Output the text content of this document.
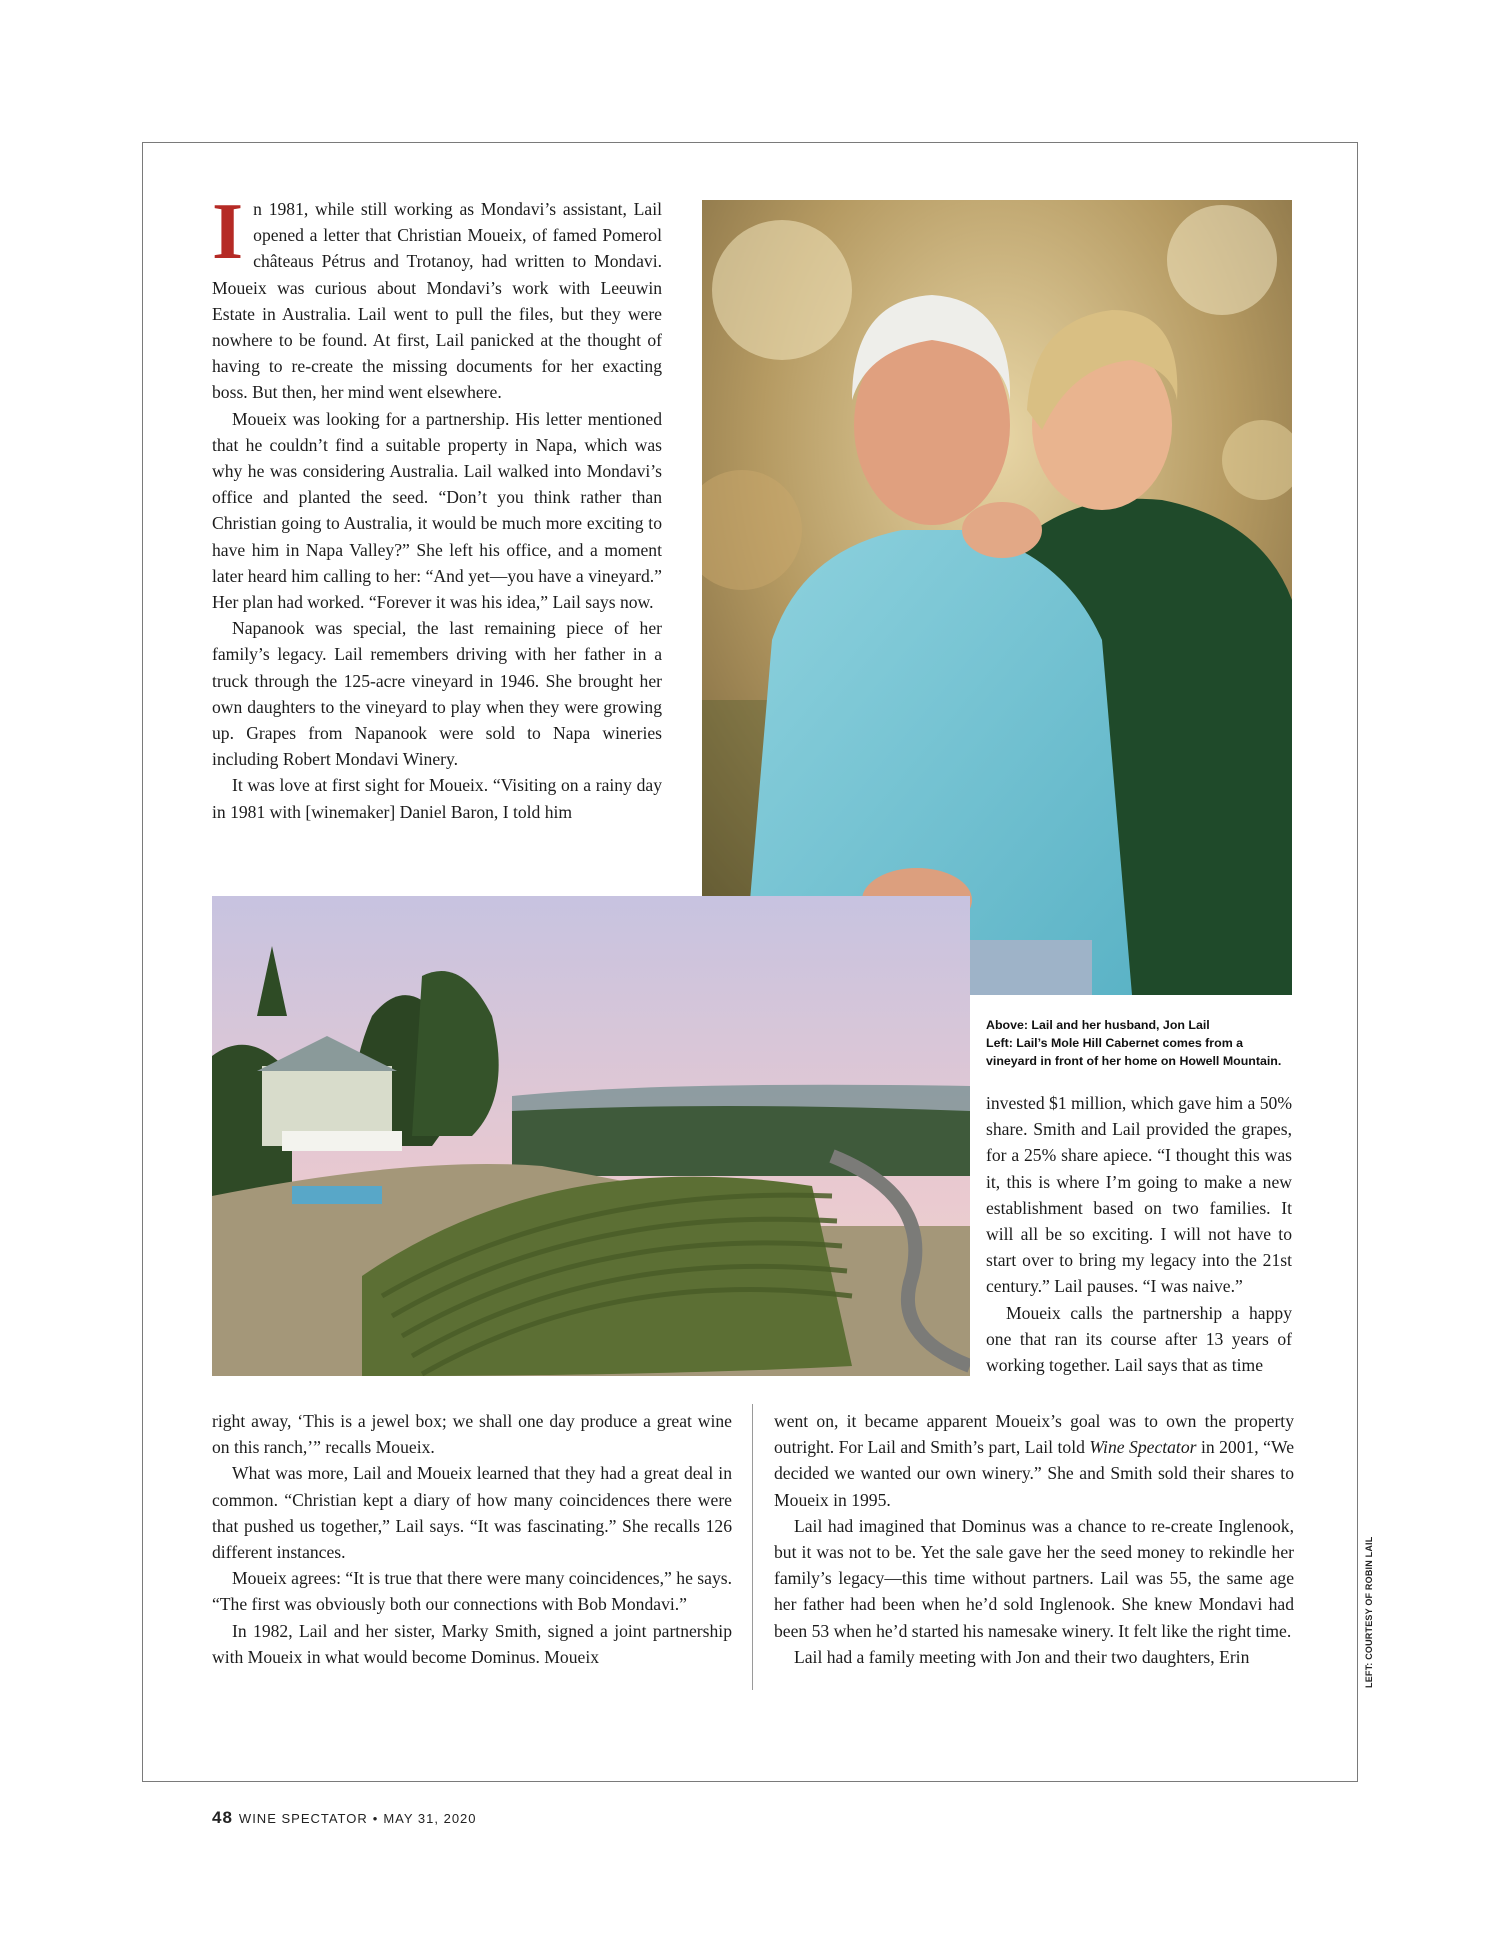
In 1981, while still working as Mondavi’s assistant, Lail opened a letter that Christian Moueix, of famed Pomerol châteaus Pétrus and Trotanoy, had written to Mondavi. Moueix was curious about Mondavi’s work with Leeuwin Estate in Australia. Lail went to pull the files, but they were nowhere to be found. At first, Lail panicked at the thought of having to re-create the missing documents for her exacting boss. But then, her mind went elsewhere.

Moueix was looking for a partnership. His letter mentioned that he couldn’t find a suitable property in Napa, which was why he was considering Australia. Lail walked into Mondavi’s office and planted the seed. “Don’t you think rather than Christian going to Australia, it would be much more exciting to have him in Napa Valley?” She left his office, and a moment later heard him calling to her: “And yet—you have a vineyard.” Her plan had worked. “Forever it was his idea,” Lail says now.

Napanook was special, the last remaining piece of her family’s legacy. Lail remembers driving with her father in a truck through the 125-acre vineyard in 1946. She brought her own daughters to the vineyard to play when they were growing up. Grapes from Napanook were sold to Napa wineries including Robert Mondavi Winery.

It was love at first sight for Moueix. “Visiting on a rainy day in 1981 with [winemaker] Daniel Baron, I told him

Above: Lail and her husband, Jon Lail
Left: Lail’s Mole Hill Cabernet comes from a
vineyard in front of her home on Howell Mountain.

invested $1 million, which gave him a 50% share. Smith and Lail provided the grapes, for a 25% share apiece. “I thought this was it, this is where I’m going to make a new establishment based on two families. It will all be so exciting. I will not have to start over to bring my legacy into the 21st century.” Lail pauses. “I was naive.”

Moueix calls the partnership a happy one that ran its course after 13 years of working together. Lail says that as time

right away, ‘This is a jewel box; we shall one day produce a great wine on this ranch,’” recalls Moueix.

What was more, Lail and Moueix learned that they had a great deal in common. “Christian kept a diary of how many coincidences there were that pushed us together,” Lail says. “It was fascinating.” She recalls 126 different instances.

Moueix agrees: “It is true that there were many coincidences,” he says. “The first was obviously both our connections with Bob Mondavi.”

In 1982, Lail and her sister, Marky Smith, signed a joint partnership with Moueix in what would become Dominus. Moueix

went on, it became apparent Moueix’s goal was to own the property outright. For Lail and Smith’s part, Lail told Wine Spectator in 2001, “We decided we wanted our own winery.” She and Smith sold their shares to Moueix in 1995.

Lail had imagined that Dominus was a chance to re-create Inglenook, but it was not to be. Yet the sale gave her the seed money to rekindle her family’s legacy—this time without partners. Lail was 55, the same age her father had been when he’d sold Inglenook. She knew Mondavi had been 53 when he’d started his namesake winery. It felt like the right time.

Lail had a family meeting with Jon and their two daughters, Erin	LEFT: COURTESY OF ROBIN LAIL
48 WINE SPECTATOR • MAY 31, 2020
